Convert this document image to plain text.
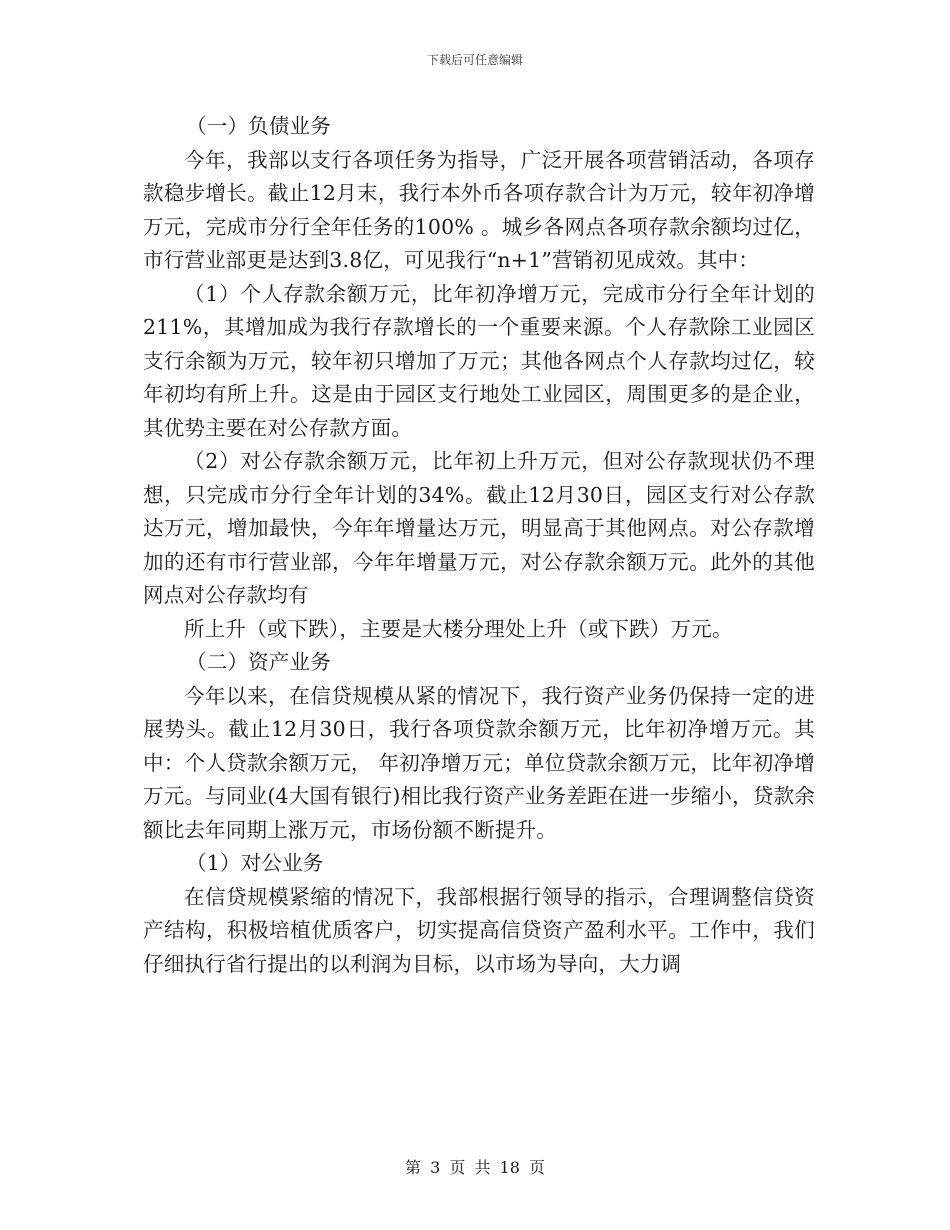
下载后可任意编辑

（一）负债业务

今年，我部以支行各项任务为指导，广泛开展各项营销活动，各项存款稳步增长。截止12月末，我行本外币各项存款合计为万元，较年初净增万元，完成市分行全年任务的100% 。城乡各网点各项存款余额均过亿，市行营业部更是达到3.8亿，可见我行“n+1”营销初见成效。其中：

（1）个人存款余额万元，比年初净增万元，完成市分行全年计划的211%，其增加成为我行存款增长的一个重要来源。个人存款除工业园区支行余额为万元，较年初只增加了万元；其他各网点个人存款均过亿，较年初均有所上升。这是由于园区支行地处工业园区，周围更多的是企业，其优势主要在对公存款方面。

（2）对公存款余额万元，比年初上升万元，但对公存款现状仍不理想，只完成市分行全年计划的34%。截止12月30日，园区支行对公存款达万元，增加最快，今年年增量达万元，明显高于其他网点。对公存款增加的还有市行营业部，今年年增量万元，对公存款余额万元。此外的其他网点对公存款均有

所上升（或下跌），主要是大楼分理处上升（或下跌）万元。

（二）资产业务

今年以来，在信贷规模从紧的情况下，我行资产业务仍保持一定的进展势头。截止12月30日，我行各项贷款余额万元，比年初净增万元。其中：个人贷款余额万元， 年初净增万元；单位贷款余额万元，比年初净增万元。与同业(4大国有银行)相比我行资产业务差距在进一步缩小，贷款余额比去年同期上涨万元，市场份额不断提升。

（1）对公业务

在信贷规模紧缩的情况下，我部根据行领导的指示，合理调整信贷资产结构，积极培植优质客户，切实提高信贷资产盈利水平。工作中，我们仔细执行省行提出的以利润为目标，以市场为导向，大力调

第 3 页 共 18 页
